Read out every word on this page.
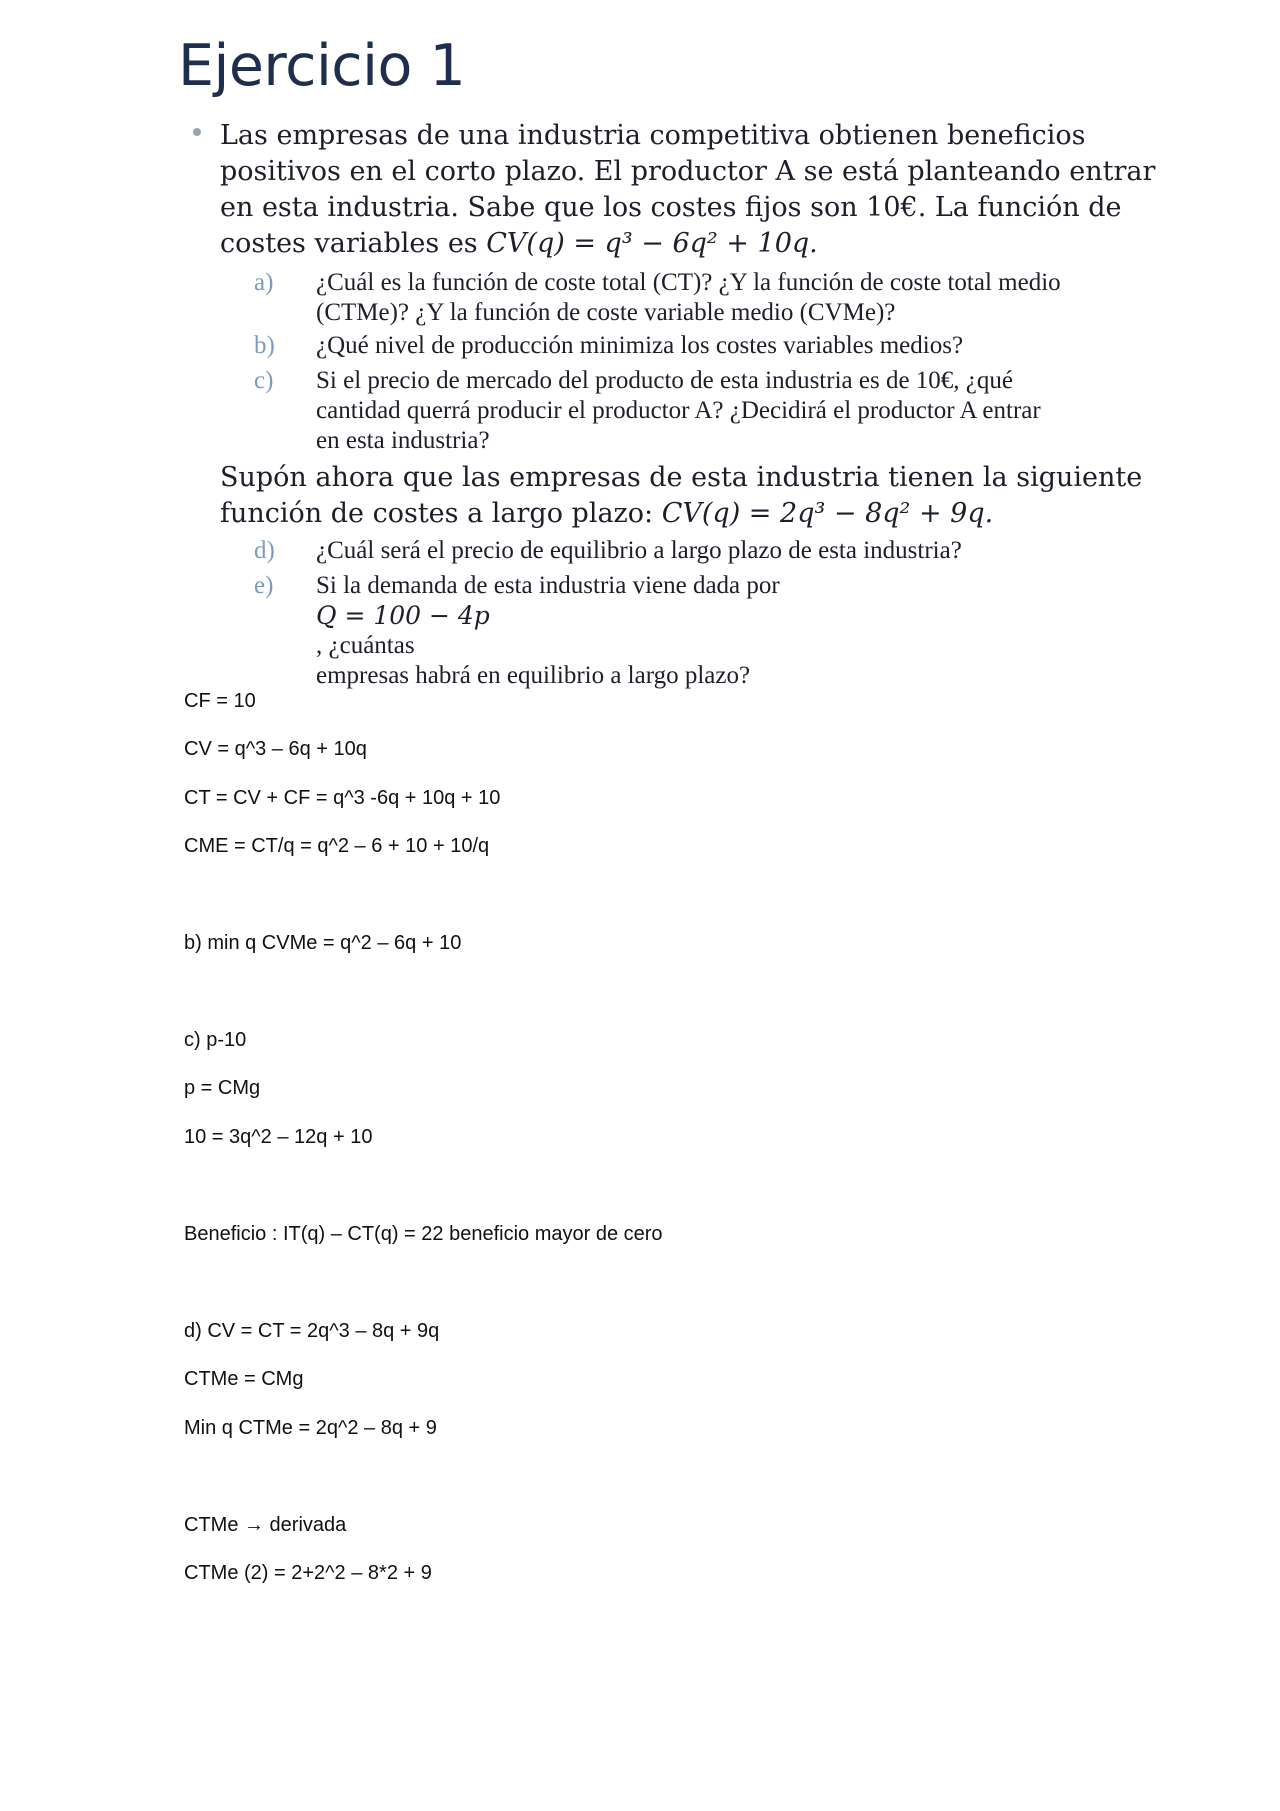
Ejercicio 1
Las empresas de una industria competitiva obtienen beneficios
positivos en el corto plazo. El productor A se está planteando entrar
en esta industria. Sabe que los costes fijos son 10€. La función de
costes variables es CV(q) = q³ − 6q² + 10q.
a) ¿Cuál es la función de coste total (CT)? ¿Y la función de coste total medio
(CTMe)? ¿Y la función de coste variable medio (CVMe)?
b) ¿Qué nivel de producción minimiza los costes variables medios?
c) Si el precio de mercado del producto de esta industria es de 10€, ¿qué
cantidad querrá producir el productor A? ¿Decidirá el productor A entrar
en esta industria?
Supón ahora que las empresas de esta industria tienen la siguiente
función de costes a largo plazo: CV(q) = 2q³ − 8q² + 9q.
d) ¿Cuál será el precio de equilibrio a largo plazo de esta industria?
e) Si la demanda de esta industria viene dada por
Q = 100 − 4p
, ¿cuántas
empresas habrá en equilibrio a largo plazo?
CF = 10
CV = q^3 – 6q + 10q
CT = CV + CF = q^3 -6q + 10q + 10
CME = CT/q = q^2 – 6 + 10 + 10/q
b) min q CVMe = q^2 – 6q + 10
c) p-10
p = CMg
10 = 3q^2 – 12q + 10
Beneficio : IT(q) – CT(q) = 22 beneficio mayor de cero
d) CV = CT = 2q^3 – 8q + 9q
CTMe = CMg
Min q CTMe = 2q^2 – 8q + 9
CTMe → derivada
CTMe (2) = 2+2^2 – 8*2 + 9
